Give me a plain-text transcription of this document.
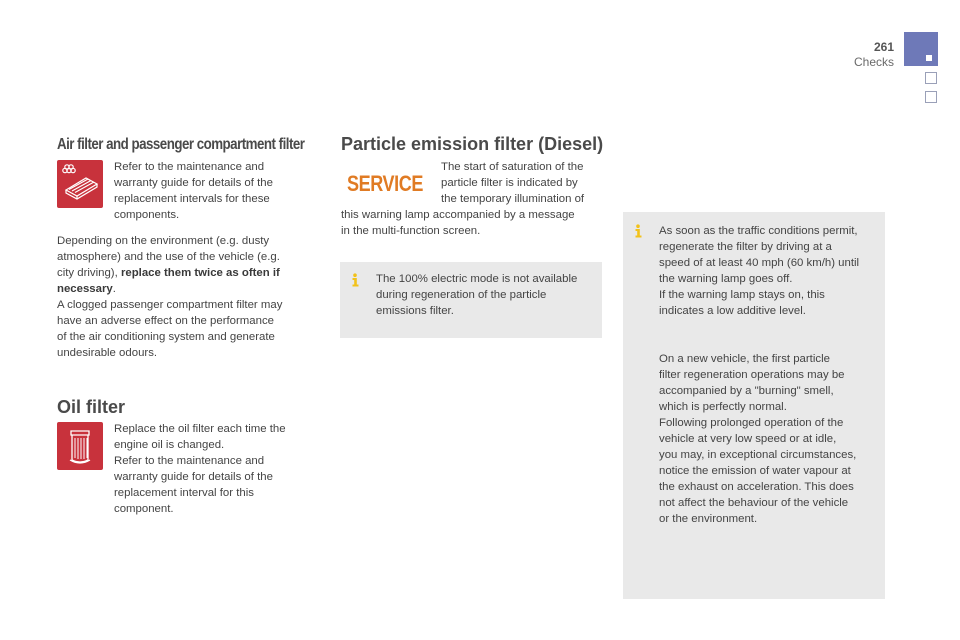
261
Checks
Air filter and passenger compartment filter

Refer to the maintenance and
warranty guide for details of the
replacement intervals for these
components.

Depending on the environment (e.g. dusty
atmosphere) and the use of the vehicle (e.g.
city driving), replace them twice as often if
necessary.
A clogged passenger compartment filter may
have an adverse effect on the performance
of the air conditioning system and generate
undesirable odours.

Oil filter

Replace the oil filter each time the
engine oil is changed.
Refer to the maintenance and
warranty guide for details of the
replacement interval for this
component.

Particle emission filter (Diesel)
SERVICE

The start of saturation of the
particle filter is indicated by
the temporary illumination of

this warning lamp accompanied by a message
in the multi-function screen.

The 100% electric mode is not available
during regeneration of the particle
emissions filter.

As soon as the traffic conditions permit,
regenerate the filter by driving at a
speed of at least 40 mph (60 km/h) until
the warning lamp goes off.
If the warning lamp stays on, this
indicates a low additive level.

On a new vehicle, the first particle
filter regeneration operations may be
accompanied by a "burning" smell,
which is perfectly normal.
Following prolonged operation of the
vehicle at very low speed or at idle,
you may, in exceptional circumstances,
notice the emission of water vapour at
the exhaust on acceleration. This does
not affect the behaviour of the vehicle
or the environment.
